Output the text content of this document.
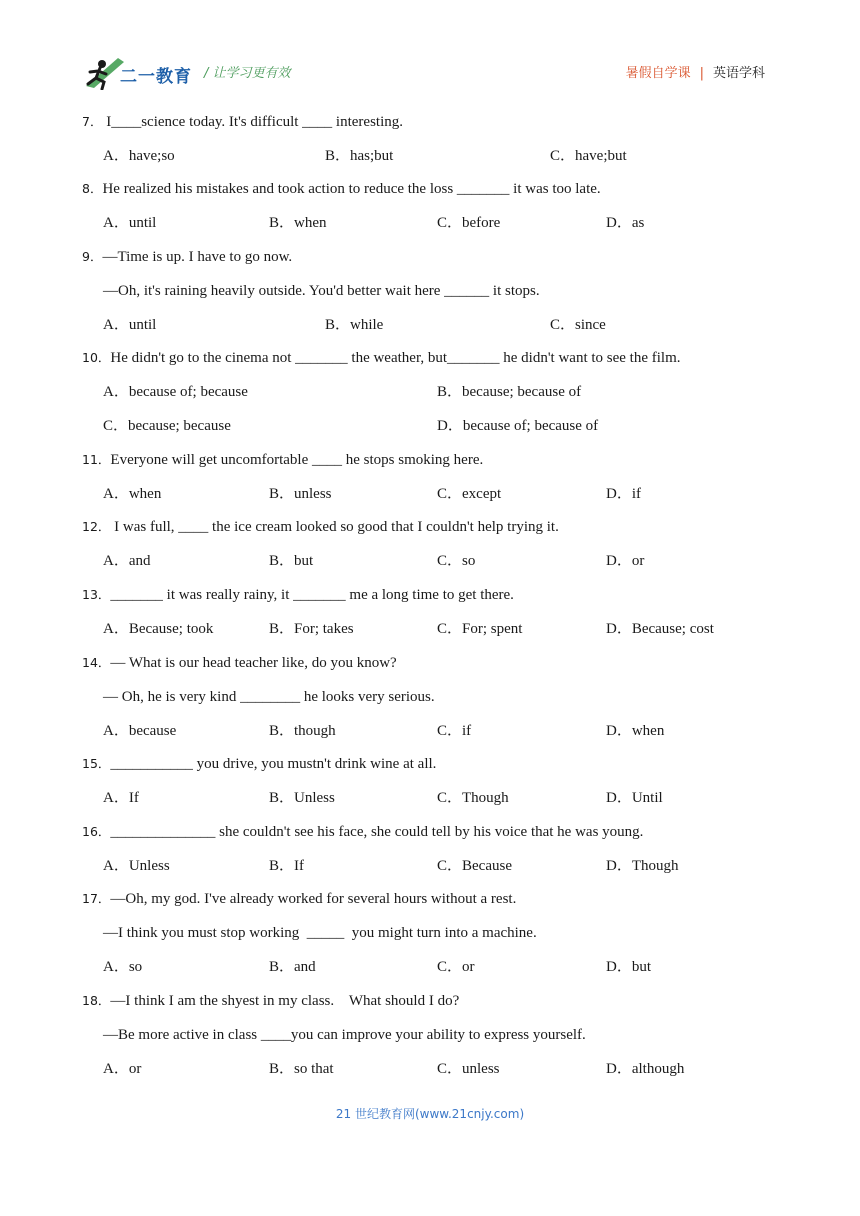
二一教育 / 让学习更有效	暑假自学课 | 英语学科
7． I____science today. It's difficult ____ interesting.
A．have;so	B．has;but	C．have;but
8．He realized his mistakes and took action to reduce the loss _______ it was too late.
A．until	B．when	C．before	D．as
9．—Time is up. I have to go now.
—Oh, it's raining heavily outside. You'd better wait here ______ it stops.
A．until	B．while	C．since
10．He didn't go to the cinema not _______ the weather, but_______ he didn't want to see the film.
A．because of; because	B．because; because of
C．because; because	D．because of; because of
11．Everyone will get uncomfortable ____ he stops smoking here.
A．when	B．unless	C．except	D．if
12． I was full, ____ the ice cream looked so good that I couldn't help trying it.
A．and	B．but	C．so	D．or
13．_______ it was really rainy, it _______ me a long time to get there.
A．Because; took	B．For; takes	C．For; spent	D．Because; cost
14．— What is our head teacher like, do you know?
— Oh, he is very kind ________ he looks very serious.
A．because	B．though	C．if	D．when
15．___________ you drive, you mustn't drink wine at all.
A．If	B．Unless	C．Though	D．Until
16．______________ she couldn't see his face, she could tell by his voice that he was young.
A．Unless	B．If	C．Because	D．Though
17．—Oh, my god. I've already worked for several hours without a rest.
—I think you must stop working  _____  you might turn into a machine.
A．so	B．and	C．or	D．but
18．—I think I am the shyest in my class.    What should I do?
—Be more active in class ____you can improve your ability to express yourself.
A．or	B．so that	C．unless	D．although
21 世纪教育网(www.21cnjy.com)
